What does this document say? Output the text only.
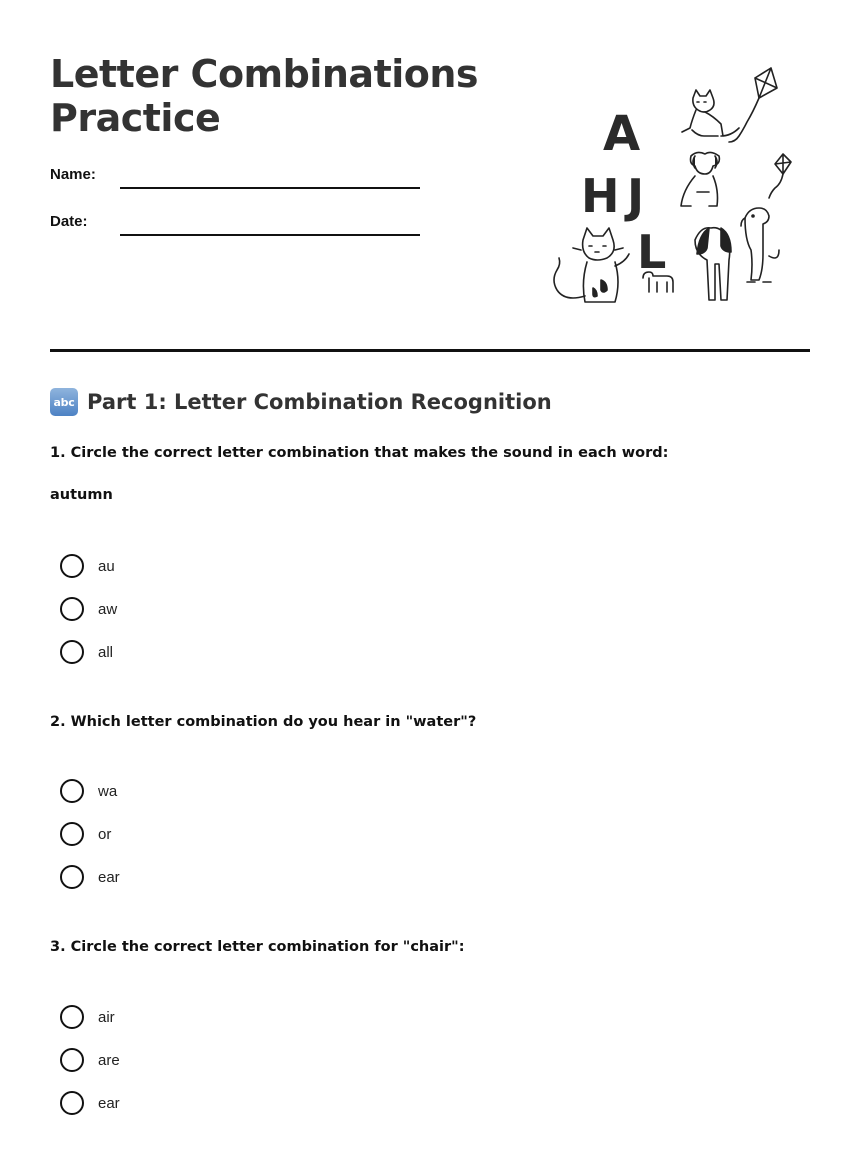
Letter Combinations
Practice
Name:
Date:
A
H J
L
abc Part 1: Letter Combination Recognition
1. Circle the correct letter combination that makes the sound in each word:
autumn
au
aw
all
2. Which letter combination do you hear in "water"?
wa
or
ear
3. Circle the correct letter combination for "chair":
air
are
ear
